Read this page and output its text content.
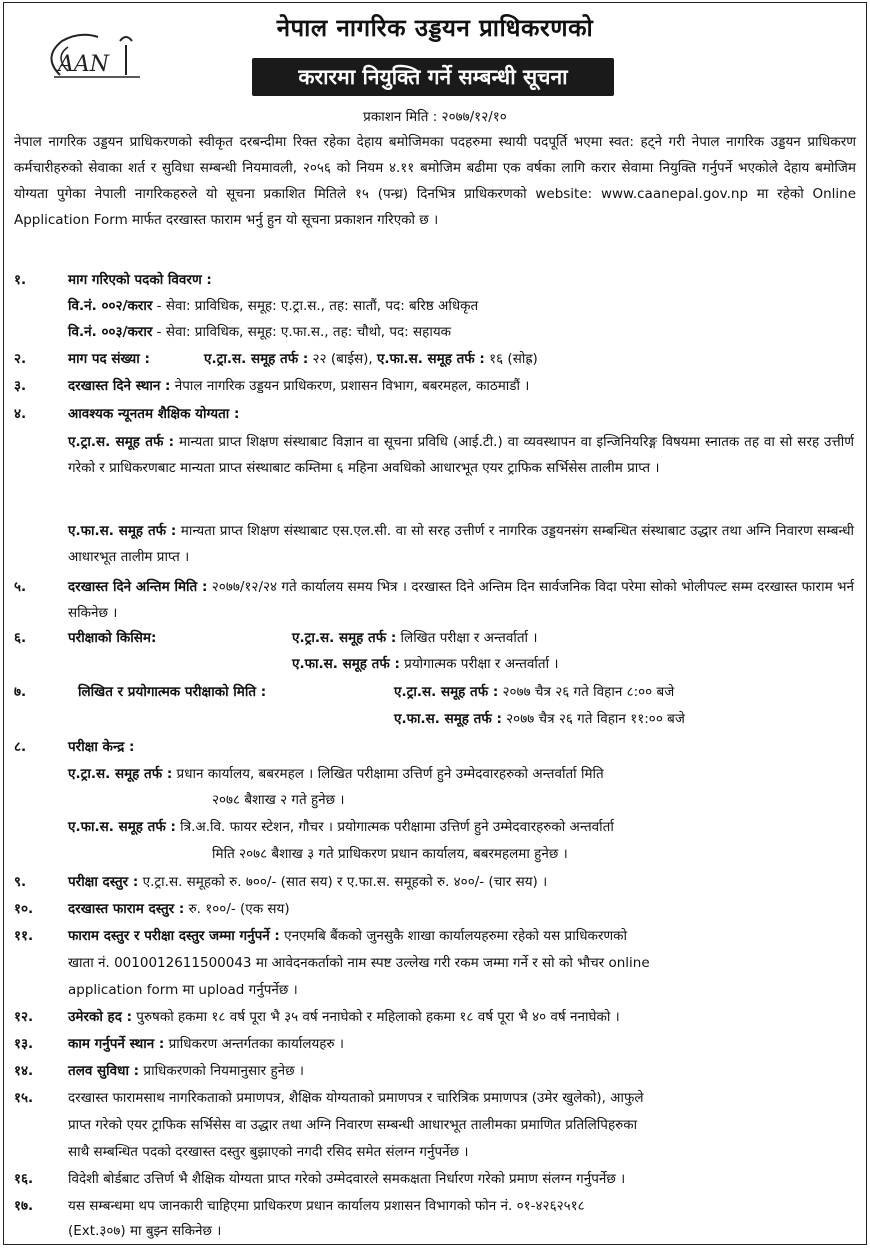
AAN
नेपाल नागरिक उड्डयन प्राधिकरणको
करारमा नियुक्ति गर्ने सम्बन्धी सूचना
प्रकाशन मिति : २०७७/१२/१०
नेपाल नागरिक उड्डयन प्राधिकरणको स्वीकृत दरबन्दीमा रिक्त रहेका देहाय बमोजिमका पदहरुमा स्थायी पदपूर्ति भएमा स्वत: हट्ने गरी नेपाल नागरिक उड्डयन प्राधिकरण कर्मचारीहरुको सेवाका शर्त र सुविधा सम्बन्धी नियमावली, २०५६ को नियम ४.११ बमोजिम बढीमा एक वर्षका लागि करार सेवामा नियुक्ति गर्नुपर्ने भएकोले देहाय बमोजिम योग्यता पुगेका नेपाली नागरिकहरुले यो सूचना प्रकाशित मितिले १५ (पन्ध्र) दिनभित्र प्राधिकरणको website: www.caanepal.gov.np मा रहेको Online Application Form मार्फत दरखास्त फाराम भर्नु हुन यो सूचना प्रकाशन गरिएको छ ।
१.	माग गरिएको पदको विवरण :
वि.नं. ००२/करार - सेवा: प्राविधिक, समूह: ए.ट्रा.स., तह: सातौं, पद: बरिष्ठ अधिकृत
वि.नं. ००३/करार - सेवा: प्राविधिक, समूह: ए.फा.स., तह: चौथो, पद: सहायक
२.	माग पद संख्या :	ए.ट्रा.स. समूह तर्फ : २२ (बाईस), ए.फा.स. समूह तर्फ : १६ (सोह्र)
३.	दरखास्त दिने स्थान : नेपाल नागरिक उड्डयन प्राधिकरण, प्रशासन विभाग, बबरमहल, काठमाडौं ।
४.	आवश्यक न्यूनतम शैक्षिक योग्यता :
ए.ट्रा.स. समूह तर्फ : मान्यता प्राप्त शिक्षण संस्थाबाट विज्ञान वा सूचना प्रविधि (आई.टी.) वा व्यवस्थापन वा इन्जिनियरिङ्ग विषयमा स्नातक तह वा सो सरह उत्तीर्ण गरेको र प्राधिकरणबाट मान्यता प्राप्त संस्थाबाट कम्तिमा ६ महिना अवधिको आधारभूत एयर ट्राफिक सर्भिसेस तालीम प्राप्त ।
ए.फा.स. समूह तर्फ : मान्यता प्राप्त शिक्षण संस्थाबाट एस.एल.सी. वा सो सरह उत्तीर्ण र नागरिक उड्डयनसंग सम्बन्धित संस्थाबाट उद्धार तथा अग्नि निवारण सम्बन्धी आधारभूत तालीम प्राप्त ।
५.	दरखास्त दिने अन्तिम मिति : २०७७/१२/२४ गते कार्यालय समय भित्र । दरखास्त दिने अन्तिम दिन सार्वजनिक विदा परेमा सोको भोलीपल्ट सम्म दरखास्त फाराम भर्न सकिनेछ ।
६.	परीक्षाको किसिम:	ए.ट्रा.स. समूह तर्फ : लिखित परीक्षा र अन्तर्वार्ता ।
ए.फा.स. समूह तर्फ : प्रयोगात्मक परीक्षा र अन्तर्वार्ता ।
७.	लिखित र प्रयोगात्मक परीक्षाको मिति :	ए.ट्रा.स. समूह तर्फ : २०७७ चैत्र २६ गते विहान ८:०० बजे
ए.फा.स. समूह तर्फ : २०७७ चैत्र २६ गते विहान ११:०० बजे
८.	परीक्षा केन्द्र :
ए.ट्रा.स. समूह तर्फ : प्रधान कार्यालय, बबरमहल । लिखित परीक्षामा उत्तिर्ण हुने उम्मेदवारहरुको अन्तर्वार्ता मिति
२०७८ बैशाख २ गते हुनेछ ।
ए.फा.स. समूह तर्फ : त्रि.अ.वि. फायर स्टेशन, गौचर । प्रयोगात्मक परीक्षामा उत्तिर्ण हुने उम्मेदवारहरुको अन्तर्वार्ता
मिति २०७८ बैशाख ३ गते प्राधिकरण प्रधान कार्यालय, बबरमहलमा हुनेछ ।
९.	परीक्षा दस्तुर : ए.ट्रा.स. समूहको रु. ७००/- (सात सय) र ए.फा.स. समूहको रु. ४००/- (चार सय) ।
१०.	दरखास्त फाराम दस्तुर : रु. १००/- (एक सय)
११.	फाराम दस्तुर र परीक्षा दस्तुर जम्मा गर्नुपर्ने : एनएमबि बैंकको जुनसुकै शाखा कार्यालयहरुमा रहेको यस प्राधिकरणको
खाता नं. 0010012611500043 मा आवेदनकर्ताको नाम स्पष्ट उल्लेख गरी रकम जम्मा गर्ने र सो को भौचर online
application form मा upload गर्नुपर्नेछ ।
१२.	उमेरको हद : पुरुषको हकमा १८ वर्ष पूरा भै ३५ वर्ष ननाघेको र महिलाको हकमा १८ वर्ष पूरा भै ४० वर्ष ननाघेको ।
१३.	काम गर्नुपर्ने स्थान : प्राधिकरण अन्तर्गतका कार्यालयहरु ।
१४.	तलव सुविधा : प्राधिकरणको नियमानुसार हुनेछ ।
१५.	दरखास्त फारामसाथ नागरिकताको प्रमाणपत्र, शैक्षिक योग्यताको प्रमाणपत्र र चारित्रिक प्रमाणपत्र (उमेर खुलेको), आफुले
प्राप्त गरेको एयर ट्राफिक सर्भिसेस वा उद्धार तथा अग्नि निवारण सम्बन्धी आधारभूत तालीमका प्रमाणित प्रतिलिपिहरुका
साथै सम्बन्धित पदको दरखास्त दस्तुर बुझाएको नगदी रसिद समेत संलग्न गर्नुपर्नेछ ।
१६.	विदेशी बोर्डबाट उत्तिर्ण भै शैक्षिक योग्यता प्राप्त गरेको उम्मेदवारले समकक्षता निर्धारण गरेको प्रमाण संलग्न गर्नुपर्नेछ ।
१७.	यस सम्बन्धमा थप जानकारी चाहिएमा प्राधिकरण प्रधान कार्यालय प्रशासन विभागको फोन नं. ०१-४२६२५१८
(Ext.३०७) मा बुझ्न सकिनेछ ।
